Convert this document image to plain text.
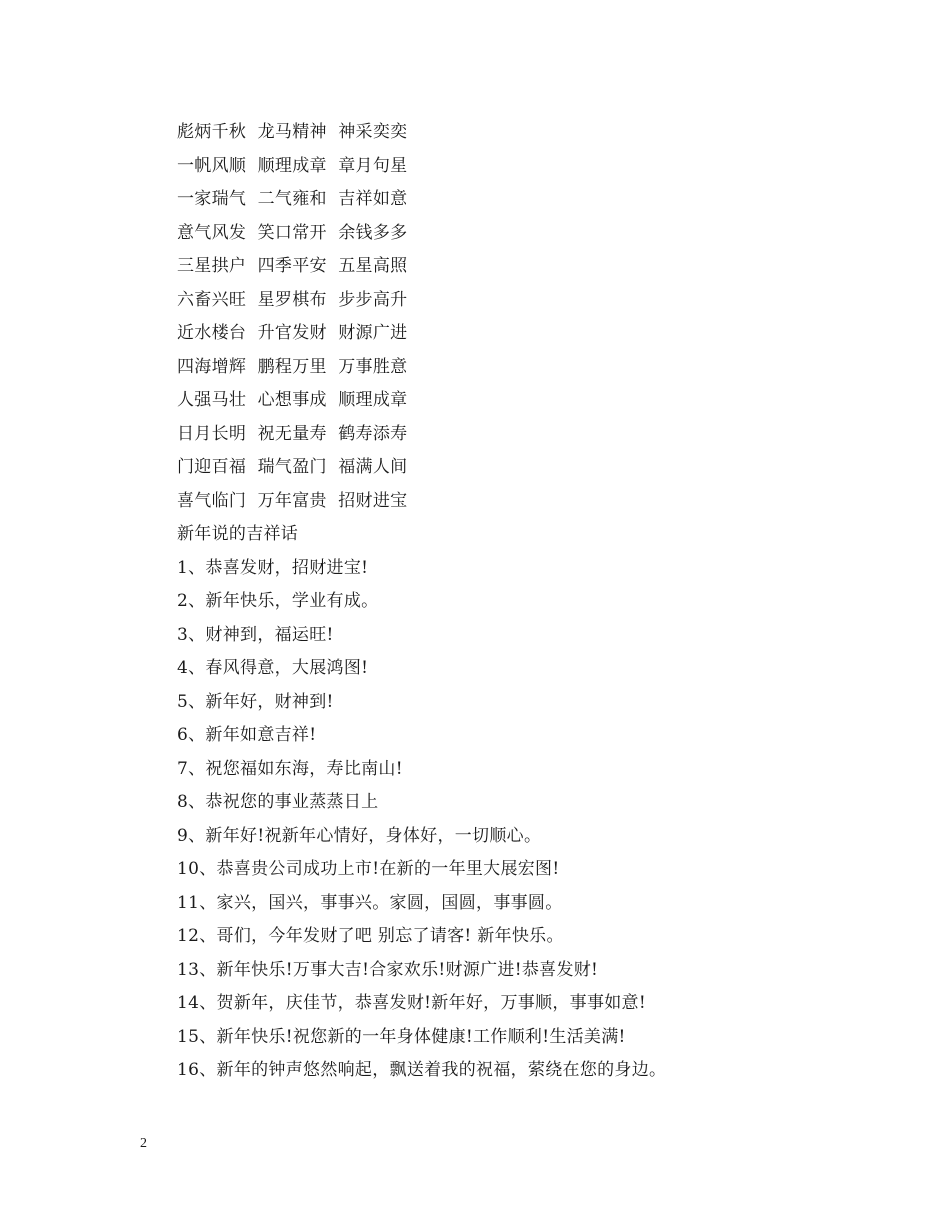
彪炳千秋  龙马精神  神采奕奕
一帆风顺  顺理成章  章月句星
一家瑞气  二气雍和  吉祥如意
意气风发  笑口常开  余钱多多
三星拱户  四季平安  五星高照
六畜兴旺  星罗棋布  步步高升
近水楼台  升官发财  财源广进
四海增辉  鹏程万里  万事胜意
人强马壮  心想事成  顺理成章
日月长明  祝无量寿  鹤寿添寿
门迎百福  瑞气盈门  福满人间
喜气临门  万年富贵  招财进宝
新年说的吉祥话
1、恭喜发财，招财进宝!
2、新年快乐，学业有成。
3、财神到，福运旺!
4、春风得意，大展鸿图!
5、新年好，财神到!
6、新年如意吉祥!
7、祝您福如东海，寿比南山!
8、恭祝您的事业蒸蒸日上
9、新年好!祝新年心情好，身体好，一切顺心。
10、恭喜贵公司成功上市!在新的一年里大展宏图!
11、家兴，国兴，事事兴。家圆，国圆，事事圆。
12、哥们，今年发财了吧 别忘了请客! 新年快乐。
13、新年快乐!万事大吉!合家欢乐!财源广进!恭喜发财!
14、贺新年，庆佳节，恭喜发财!新年好，万事顺，事事如意!
15、新年快乐!祝您新的一年身体健康!工作顺利!生活美满!
16、新年的钟声悠然响起，飘送着我的祝福，萦绕在您的身边。
2
